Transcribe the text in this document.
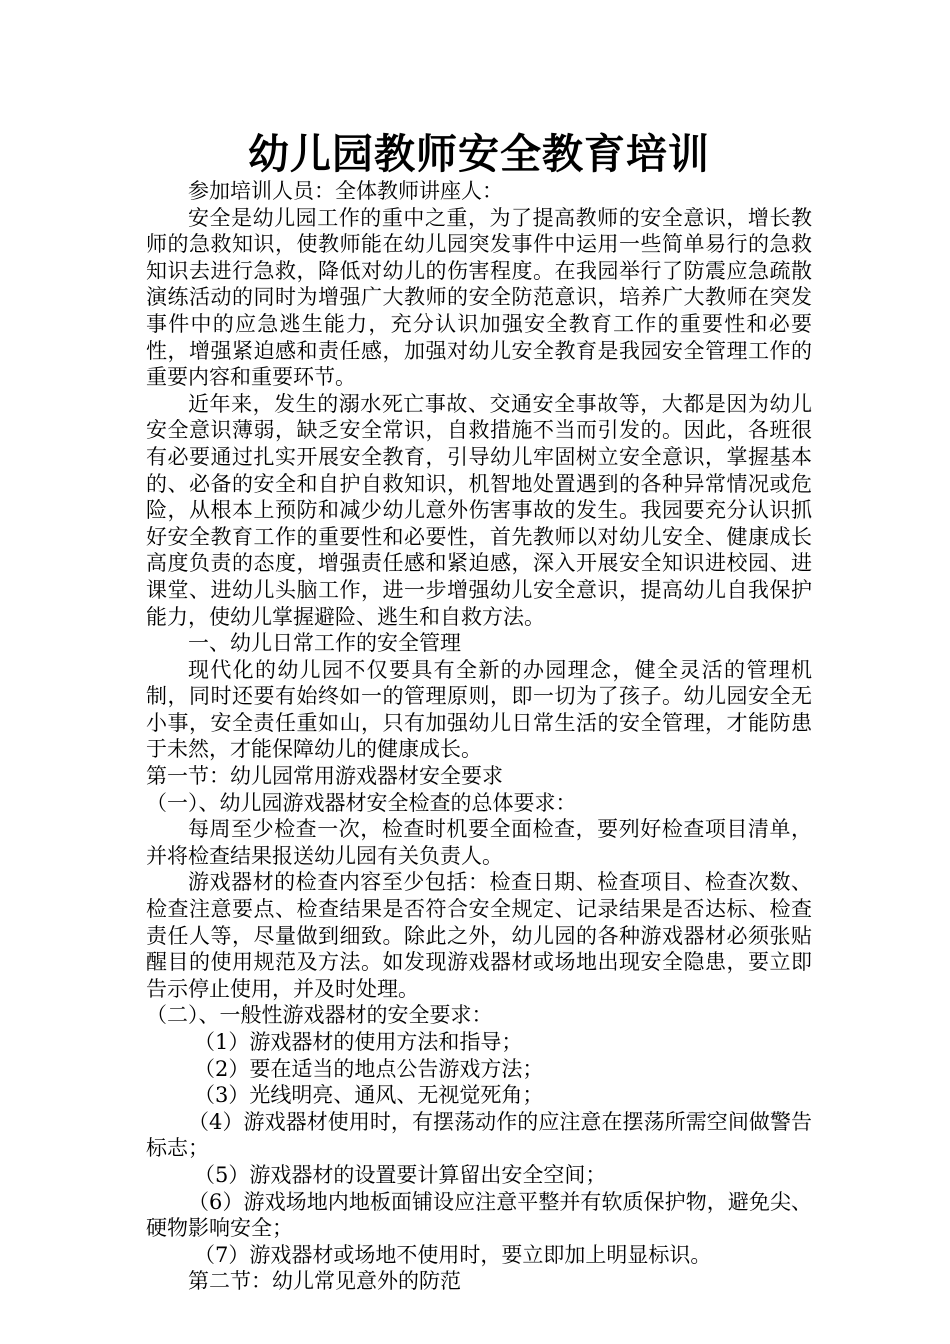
幼儿园教师安全教育培训

参加培训人员：全体教师讲座人：

安全是幼儿园工作的重中之重，为了提高教师的安全意识，增长教师的急救知识，使教师能在幼儿园突发事件中运用一些简单易行的急救知识去进行急救，降低对幼儿的伤害程度。在我园举行了防震应急疏散演练活动的同时为增强广大教师的安全防范意识，培养广大教师在突发事件中的应急逃生能力，充分认识加强安全教育工作的重要性和必要性，增强紧迫感和责任感，加强对幼儿安全教育是我园安全管理工作的重要内容和重要环节。

近年来，发生的溺水死亡事故、交通安全事故等，大都是因为幼儿安全意识薄弱，缺乏安全常识，自救措施不当而引发的。因此，各班很有必要通过扎实开展安全教育，引导幼儿牢固树立安全意识，掌握基本的、必备的安全和自护自救知识，机智地处置遇到的各种异常情况或危险，从根本上预防和减少幼儿意外伤害事故的发生。我园要充分认识抓好安全教育工作的重要性和必要性，首先教师以对幼儿安全、健康成长高度负责的态度，增强责任感和紧迫感，深入开展安全知识进校园、进课堂、进幼儿头脑工作，进一步增强幼儿安全意识，提高幼儿自我保护能力，使幼儿掌握避险、逃生和自救方法。

一、幼儿日常工作的安全管理

现代化的幼儿园不仅要具有全新的办园理念，健全灵活的管理机制，同时还要有始终如一的管理原则，即一切为了孩子。幼儿园安全无小事，安全责任重如山，只有加强幼儿日常生活的安全管理，才能防患于未然，才能保障幼儿的健康成长。

第一节：幼儿园常用游戏器材安全要求

（一）、幼儿园游戏器材安全检查的总体要求：

每周至少检查一次，检查时机要全面检查，要列好检查项目清单，并将检查结果报送幼儿园有关负责人。

游戏器材的检查内容至少包括：检查日期、检查项目、检查次数、检查注意要点、检查结果是否符合安全规定、记录结果是否达标、检查责任人等，尽量做到细致。除此之外，幼儿园的各种游戏器材必须张贴醒目的使用规范及方法。如发现游戏器材或场地出现安全隐患，要立即告示停止使用，并及时处理。

（二）、一般性游戏器材的安全要求：

（1）游戏器材的使用方法和指导；

（2）要在适当的地点公告游戏方法；

（3）光线明亮、通风、无视觉死角；

（4）游戏器材使用时，有摆荡动作的应注意在摆荡所需空间做警告标志；

（5）游戏器材的设置要计算留出安全空间；

（6）游戏场地内地板面铺设应注意平整并有软质保护物，避免尖、硬物影响安全；

（7）游戏器材或场地不使用时，要立即加上明显标识。

第二节：幼儿常见意外的防范
